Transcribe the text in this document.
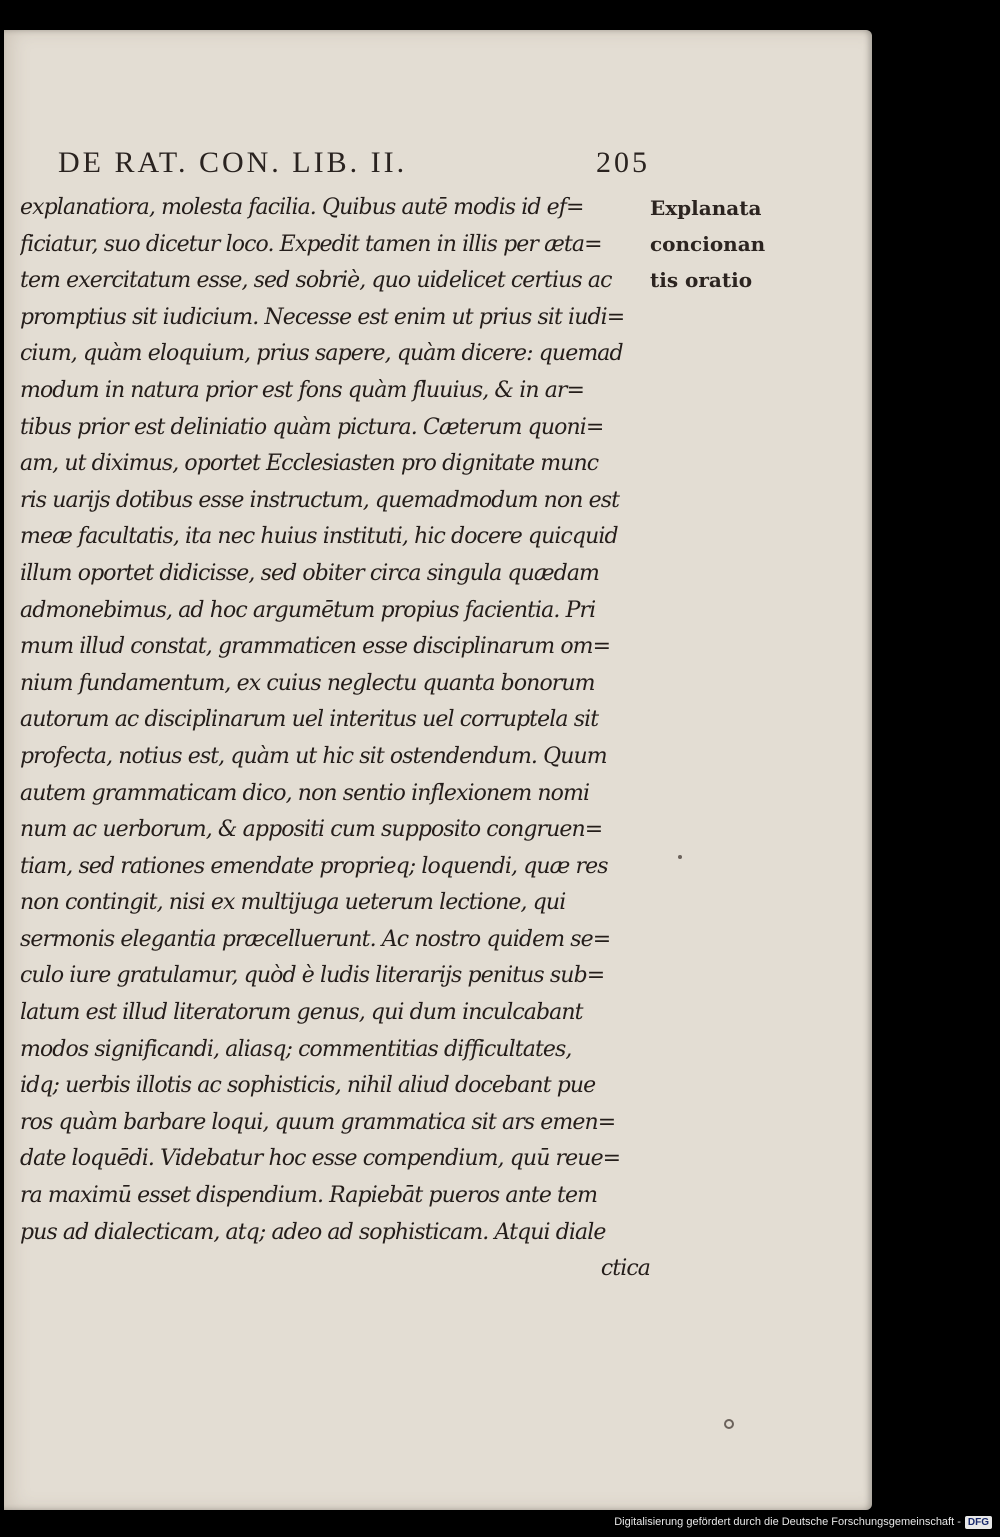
DE RAT. CON. LIB. II.	205
explanatiora, molesta facilia. Quibus autē modis id ef=
ficiatur, suo dicetur loco. Expedit tamen in illis per æta=
tem exercitatum esse, sed sobriè, quo uidelicet certius ac
promptius sit iudicium. Necesse est enim ut prius sit iudi=
cium, quàm eloquium, prius sapere, quàm dicere: quemad
modum in natura prior est fons quàm fluuius, & in ar=
tibus prior est deliniatio quàm pictura. Cæterum quoni=
am, ut diximus, oportet Ecclesiasten pro dignitate munc
ris uarijs dotibus esse instructum, quemadmodum non est
meæ facultatis, ita nec huius instituti, hic docere quicquid
illum oportet didicisse, sed obiter circa singula quædam
admonebimus, ad hoc argumētum propius facientia. Pri
mum illud constat, grammaticen esse disciplinarum om=
nium fundamentum, ex cuius neglectu quanta bonorum
autorum ac disciplinarum uel interitus uel corruptela sit
profecta, notius est, quàm ut hic sit ostendendum. Quum
autem grammaticam dico, non sentio inflexionem nomi
num ac uerborum, & appositi cum supposito congruen=
tiam, sed rationes emendate proprieq; loquendi, quæ res
non contingit, nisi ex multijuga ueterum lectione, qui
sermonis elegantia præcelluerunt. Ac nostro quidem se=
culo iure gratulamur, quòd è ludis literarijs penitus sub=
latum est illud literatorum genus, qui dum inculcabant
modos significandi, aliasq; commentitias difficultates,
idq; uerbis illotis ac sophisticis, nihil aliud docebant pue
ros quàm barbare loqui, quum grammatica sit ars emen=
date loquēdi. Videbatur hoc esse compendium, quū reue=
ra maximū esset dispendium. Rapiebāt pueros ante tem
pus ad dialecticam, atq; adeo ad sophisticam. Atqui diale
ctica
Explanata
concionan
tis oratio
Digitalisierung gefördert durch die Deutsche Forschungsgemeinschaft - DFG
